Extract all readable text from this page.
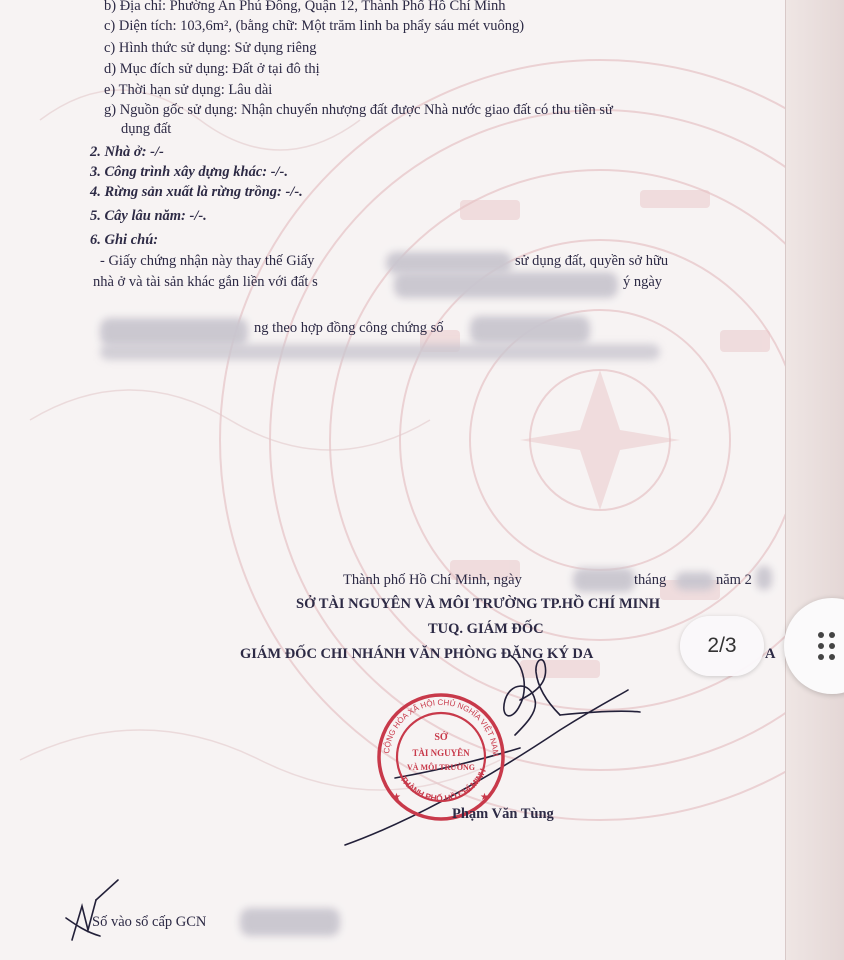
b) Địa chỉ: Phường An Phú Đông, Quận 12, Thành Phố Hồ Chí Minh
c) Diện tích: 103,6m², (bằng chữ: Một trăm linh ba phẩy sáu mét vuông)
c) Hình thức sử dụng: Sử dụng riêng
d) Mục đích sử dụng: Đất ở tại đô thị
e) Thời hạn sử dụng: Lâu dài
g) Nguồn gốc sử dụng: Nhận chuyển nhượng đất được Nhà nước giao đất có thu tiền sử
dụng đất
2. Nhà ở: -/-
3. Công trình xây dựng khác: -/-.
4. Rừng sản xuất là rừng trồng: -/-.
5. Cây lâu năm: -/-.
6. Ghi chú:
- Giấy chứng nhận này thay thế Giấy	sử dụng đất, quyền sở hữu
nhà ở và tài sản khác gắn liền với đất s	ý ngày
ng theo hợp đồng công chứng số
Thành phố Hồ Chí Minh, ngày	tháng	năm 2
SỞ TÀI NGUYÊN VÀ MÔI TRƯỜNG TP.HỒ CHÍ MINH
TUQ. GIÁM ĐỐC
GIÁM ĐỐC CHI NHÁNH VĂN PHÒNG ĐĂNG KÝ DA	A
CỘNG HÒA XÃ HỘI CHỦ NGHĨA VIỆT NAM
THÀNH PHỐ HỒ CHÍ MINH
SỞ
TÀI NGUYÊN
VÀ MÔI TRƯỜNG
★	★
Phạm Văn Tùng
Số vào sổ cấp GCN
2/3
